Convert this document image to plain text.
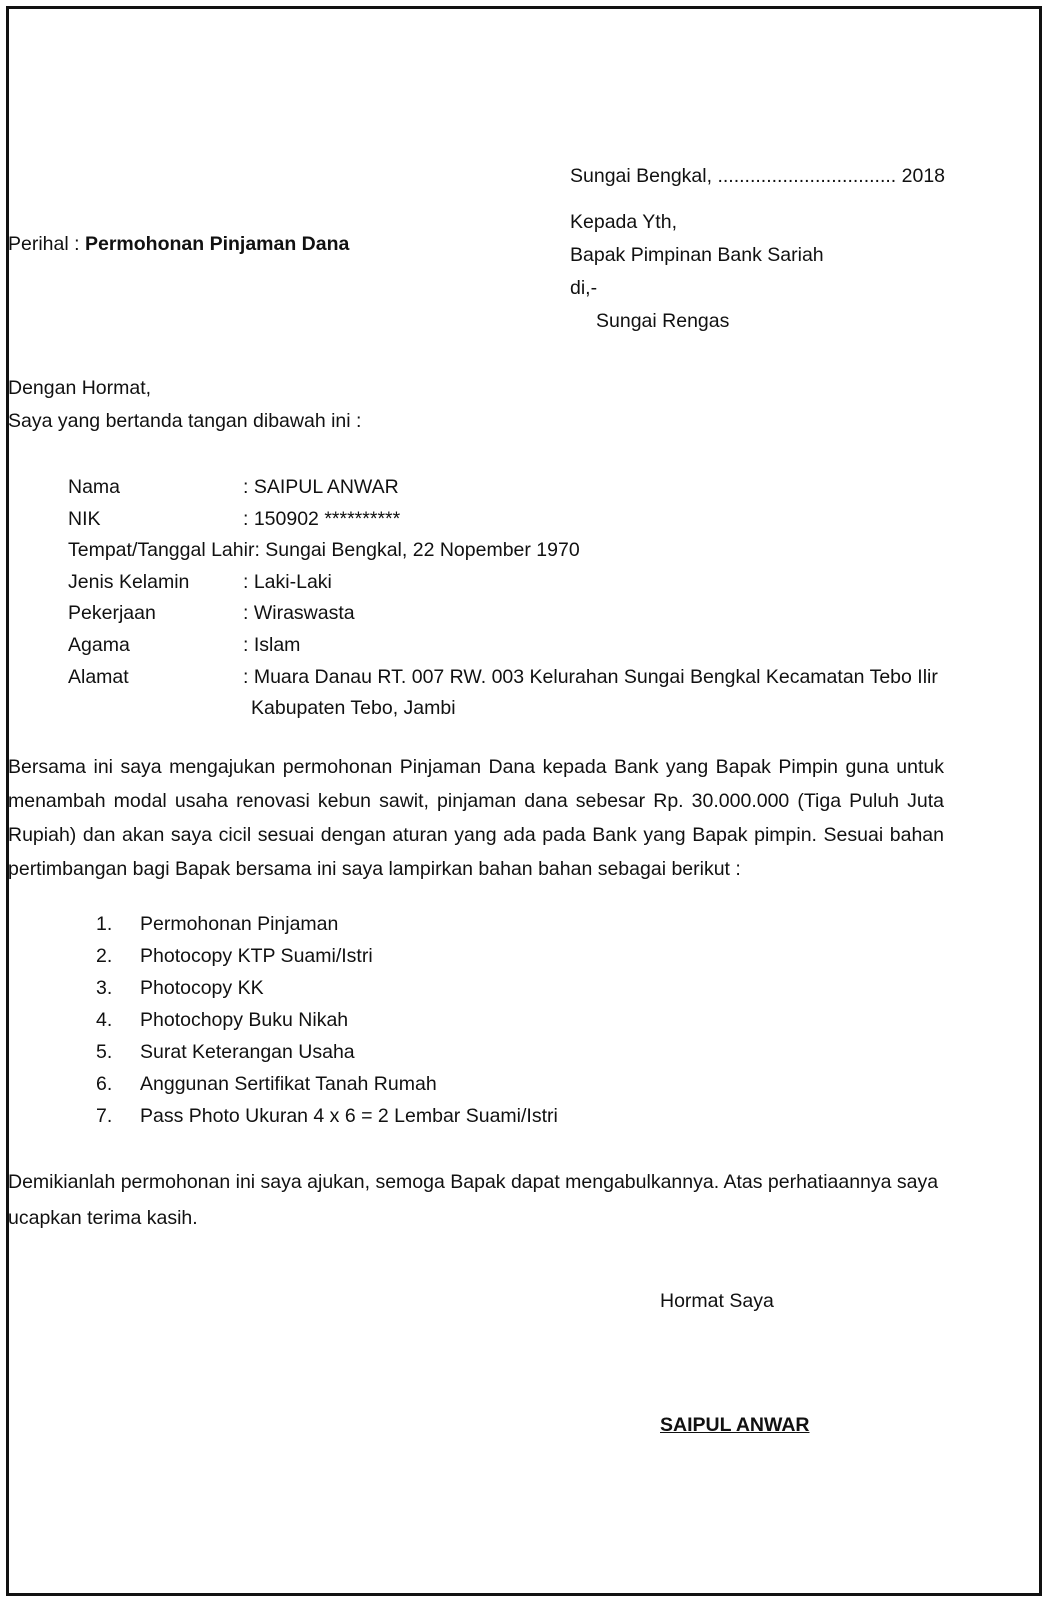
Sungai Bengkal, ................................. 2018
Kepada Yth,
Bapak Pimpinan Bank Sariah
di,-
Sungai Rengas
Perihal : Permohonan Pinjaman Dana
Dengan Hormat,
Saya yang bertanda tangan dibawah ini :
Nama	: SAIPUL ANWAR
NIK	: 150902 **********
Tempat/Tanggal Lahir : Sungai Bengkal, 22 Nopember 1970
Jenis Kelamin	: Laki-Laki
Pekerjaan	: Wiraswasta
Agama	: Islam
Alamat	: Muara Danau RT. 007 RW. 003 Kelurahan Sungai Bengkal Kecamatan Tebo Ilir
Kabupaten Tebo, Jambi
Bersama ini saya mengajukan permohonan Pinjaman Dana kepada Bank yang Bapak Pimpin guna untuk menambah modal usaha renovasi kebun sawit, pinjaman dana sebesar Rp. 30.000.000 (Tiga Puluh Juta Rupiah) dan akan saya cicil sesuai dengan aturan yang ada pada Bank yang Bapak pimpin. Sesuai bahan pertimbangan bagi Bapak bersama ini saya lampirkan bahan bahan sebagai berikut :
1.	Permohonan Pinjaman
2.	Photocopy KTP Suami/Istri
3.	Photocopy KK
4.	Photochopy Buku Nikah
5.	Surat Keterangan Usaha
6.	Anggunan Sertifikat Tanah Rumah
7.	Pass Photo Ukuran 4 x 6 = 2 Lembar Suami/Istri
Demikianlah permohonan ini saya ajukan, semoga Bapak dapat mengabulkannya. Atas perhatiaannya saya ucapkan terima kasih.
Hormat Saya
SAIPUL ANWAR
